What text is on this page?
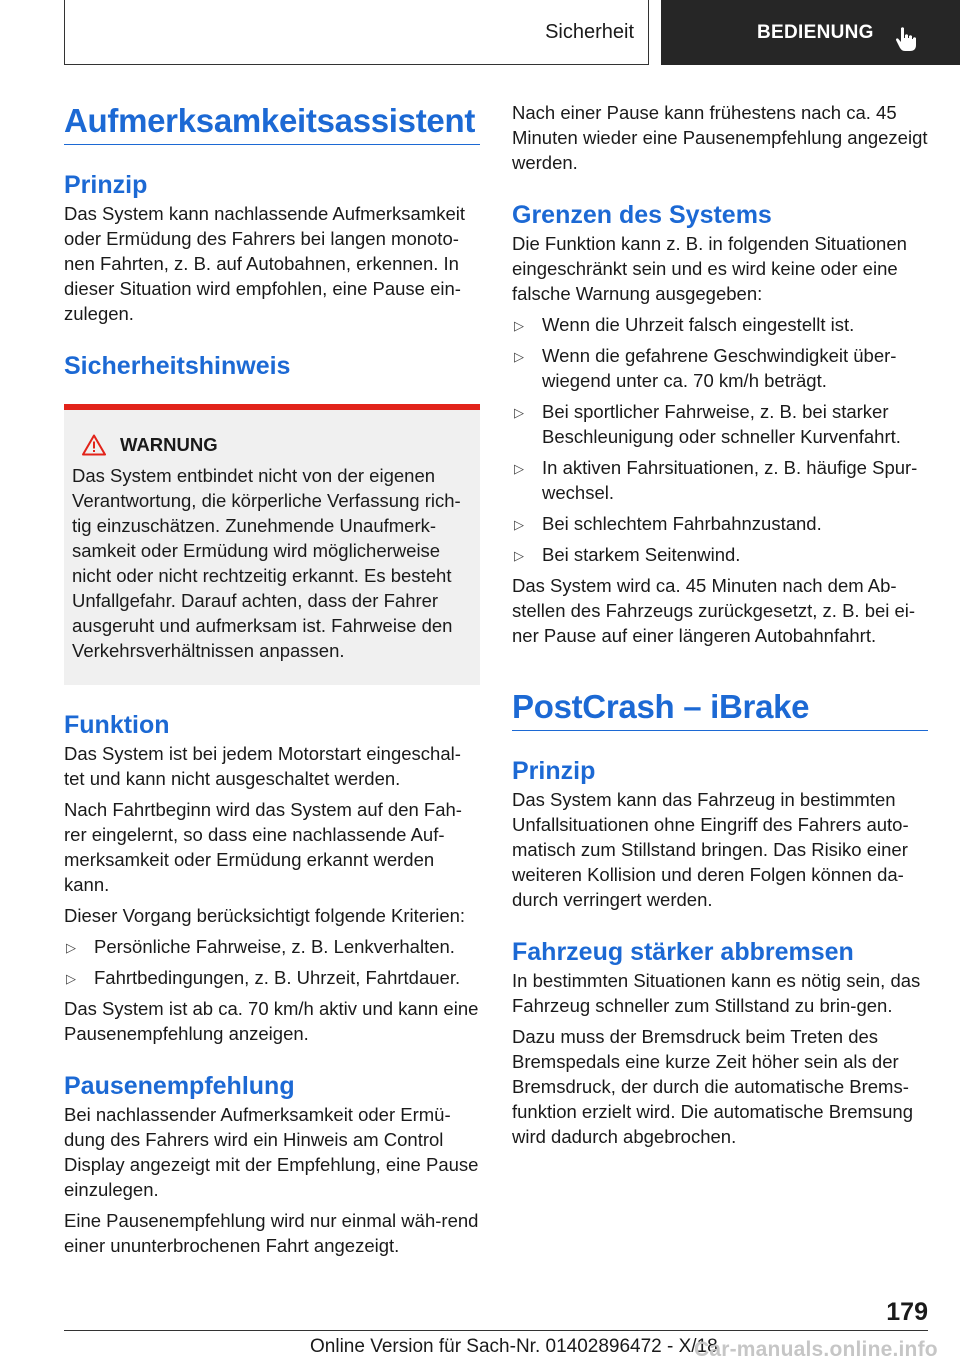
Sicherheit	BEDIENUNG
Aufmerksamkeitsassistent
Prinzip

Das System kann nachlassende Aufmerksamkeit oder Ermüdung des Fahrers bei langen monoto-nen Fahrten, z. B. auf Autobahnen, erkennen. In dieser Situation wird empfohlen, eine Pause ein-zulegen.

Sicherheitshinweis
WARNUNG

Das System entbindet nicht von der eigenen Verantwortung, die körperliche Verfassung rich-tig einzuschätzen. Zunehmende Unaufmerk-samkeit oder Ermüdung wird möglicherweise nicht oder nicht rechtzeitig erkannt. Es besteht Unfallgefahr. Darauf achten, dass der Fahrer ausgeruht und aufmerksam ist. Fahrweise den Verkehrsverhältnissen anpassen.

Funktion

Das System ist bei jedem Motorstart eingeschal-tet und kann nicht ausgeschaltet werden.

Nach Fahrtbeginn wird das System auf den Fah-rer eingelernt, so dass eine nachlassende Auf-merksamkeit oder Ermüdung erkannt werden kann.

Dieser Vorgang berücksichtigt folgende Kriterien:

▷ Persönliche Fahrweise, z. B. Lenkverhalten.
▷ Fahrtbedingungen, z. B. Uhrzeit, Fahrtdauer.

Das System ist ab ca. 70 km/h aktiv und kann eine Pausenempfehlung anzeigen.

Pausenempfehlung

Bei nachlassender Aufmerksamkeit oder Ermü-dung des Fahrers wird ein Hinweis am Control Display angezeigt mit der Empfehlung, eine Pause einzulegen.

Eine Pausenempfehlung wird nur einmal wäh-rend einer ununterbrochenen Fahrt angezeigt.

Nach einer Pause kann frühestens nach ca. 45 Minuten wieder eine Pausenempfehlung angezeigt werden.

Grenzen des Systems

Die Funktion kann z. B. in folgenden Situationen eingeschränkt sein und es wird keine oder eine falsche Warnung ausgegeben:

▷ Wenn die Uhrzeit falsch eingestellt ist.
▷ Wenn die gefahrene Geschwindigkeit über-wiegend unter ca. 70 km/h beträgt.
▷ Bei sportlicher Fahrweise, z. B. bei starker Beschleunigung oder schneller Kurvenfahrt.
▷ In aktiven Fahrsituationen, z. B. häufige Spur-wechsel.
▷ Bei schlechtem Fahrbahnzustand.
▷ Bei starkem Seitenwind.

Das System wird ca. 45 Minuten nach dem Ab-stellen des Fahrzeugs zurückgesetzt, z. B. bei ei-ner Pause auf einer längeren Autobahnfahrt.

PostCrash – iBrake
Prinzip

Das System kann das Fahrzeug in bestimmten Unfallsituationen ohne Eingriff des Fahrers auto-matisch zum Stillstand bringen. Das Risiko einer weiteren Kollision und deren Folgen können da-durch verringert werden.

Fahrzeug stärker abbremsen

In bestimmten Situationen kann es nötig sein, das Fahrzeug schneller zum Stillstand zu brin-gen.

Dazu muss der Bremsdruck beim Treten des Bremspedals eine kurze Zeit höher sein als der Bremsdruck, der durch die automatische Brems-funktion erzielt wird. Die automatische Bremsung wird dadurch abgebrochen.

179
Online Version für Sach-Nr. 01402896472 - X/18
Car-manuals.online.info
